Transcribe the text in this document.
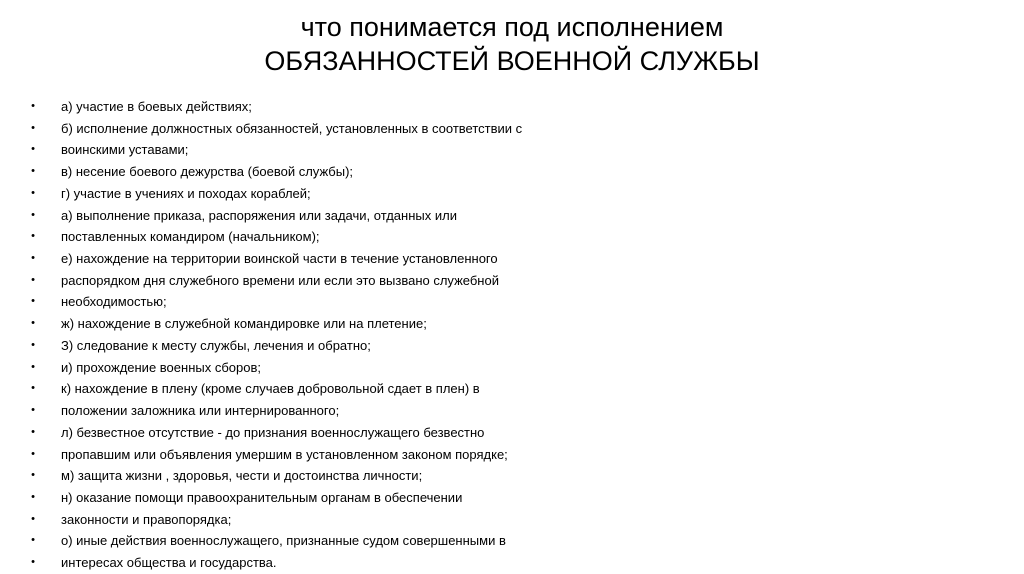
что понимается под исполнением
ОБЯЗАННОСТЕЙ ВОЕННОЙ СЛУЖБЫ
• а) участие в боевых действиях;
• б) исполнение должностных обязанностей, установленных в соответствии с
• воинскими уставами;
• в) несение боевого дежурства (боевой службы);
• г) участие в учениях и походах кораблей;
• а) выполнение приказа, распоряжения или задачи, отданных или
• поставленных командиром (начальником);
• е) нахождение на территории воинской части в течение установленного
• распорядком дня служебного времени или если это вызвано служебной
• необходимостью;
• ж) нахождение в служебной командировке или на плетение;
• З) следование к месту службы, лечения и обратно;
• и) прохождение военных сборов;
• к) нахождение в плену (кроме случаев добровольной сдает в плен) в
• положении заложника или интернированного;
• л) безвестное отсутствие - до признания военнослужащего безвестно
• пропавшим или объявления умершим в установленном законом порядке;
• м) защита жизни , здоровья, чести и достоинства личности;
• н) оказание помощи правоохранительным органам в обеспечении
• законности и правопорядка;
• о) иные действия военнослужащего, признанные судом совершенными в
• интересах общества и государства.
